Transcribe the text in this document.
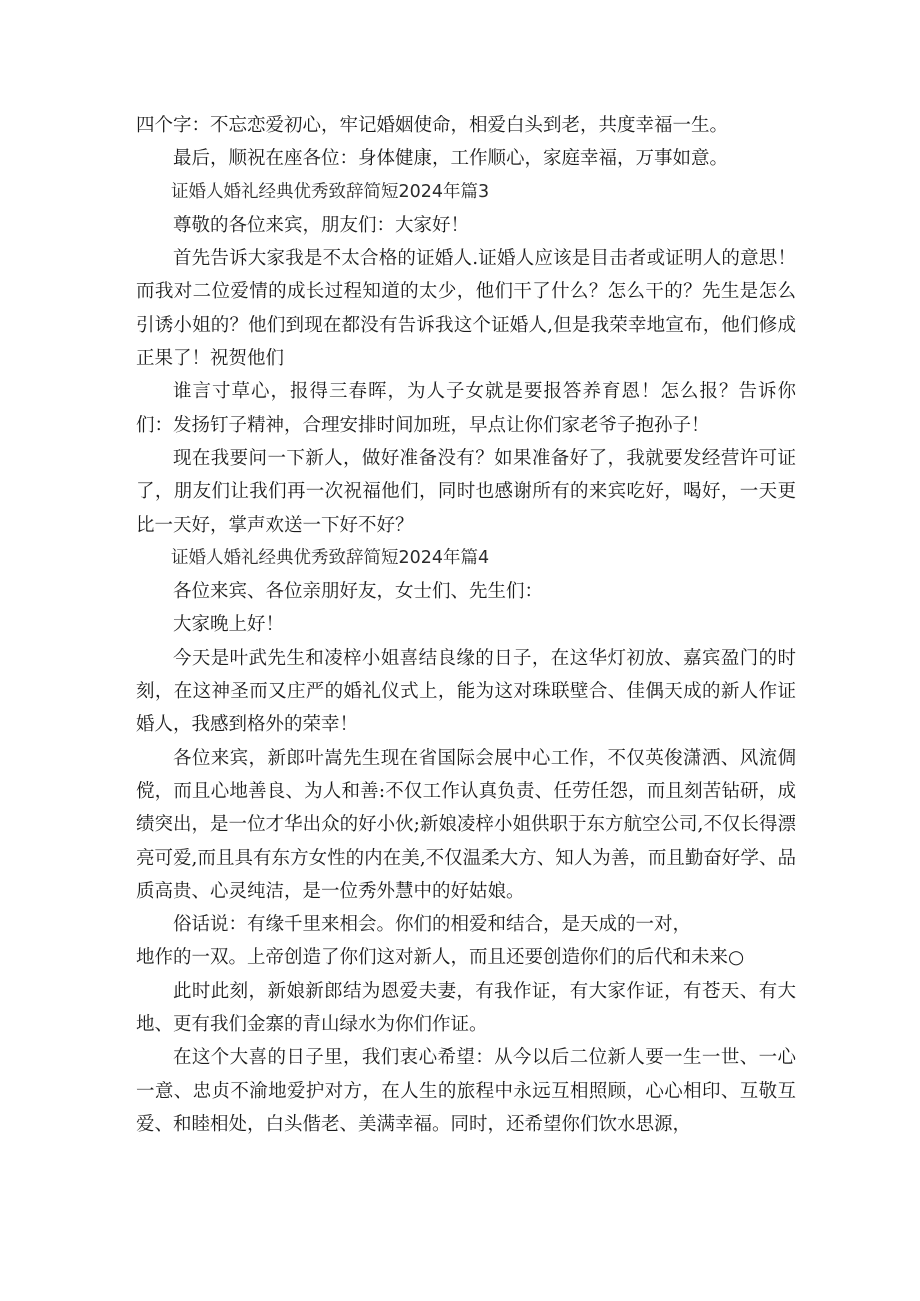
四个字：不忘恋爱初心，牢记婚姻使命，相爱白头到老，共度幸福一生。

最后，顺祝在座各位：身体健康，工作顺心，家庭幸福，万事如意。

证婚人婚礼经典优秀致辞简短2024年篇3

尊敬的各位来宾，朋友们：大家好！

首先告诉大家我是不太合格的证婚人.证婚人应该是目击者或证明人的意思！而我对二位爱情的成长过程知道的太少，他们干了什么？怎么干的？先生是怎么引诱小姐的？他们到现在都没有告诉我这个证婚人,但是我荣幸地宣布，他们修成正果了！祝贺他们

谁言寸草心，报得三春晖，为人子女就是要报答养育恩！怎么报？告诉你们：发扬钉子精神，合理安排时间加班，早点让你们家老爷子抱孙子！

现在我要问一下新人，做好准备没有？如果准备好了，我就要发经营许可证了，朋友们让我们再一次祝福他们，同时也感谢所有的来宾吃好，喝好，一天更比一天好，掌声欢送一下好不好？

证婚人婚礼经典优秀致辞简短2024年篇4

各位来宾、各位亲朋好友，女士们、先生们：

大家晚上好！

今天是叶武先生和凌梓小姐喜结良缘的日子，在这华灯初放、嘉宾盈门的时刻，在这神圣而又庄严的婚礼仪式上，能为这对珠联壁合、佳偶天成的新人作证婚人，我感到格外的荣幸！

各位来宾，新郎叶嵩先生现在省国际会展中心工作，不仅英俊潇洒、风流倜傥，而且心地善良、为人和善:不仅工作认真负责、任劳任怨，而且刻苦钻研，成绩突出，是一位才华出众的好小伙;新娘凌梓小姐供职于东方航空公司,不仅长得漂亮可爱,而且具有东方女性的内在美,不仅温柔大方、知人为善，而且勤奋好学、品质高贵、心灵纯洁，是一位秀外慧中的好姑娘。

俗话说：有缘千里来相会。你们的相爱和结合，是天成的一对，
地作的一双。上帝创造了你们这对新人，而且还要创造你们的后代和未来○

此时此刻，新娘新郎结为恩爱夫妻，有我作证，有大家作证，有苍天、有大地、更有我们金寨的青山绿水为你们作证。

在这个大喜的日子里，我们衷心希望：从今以后二位新人要一生一世、一心一意、忠贞不渝地爱护对方，在人生的旅程中永远互相照顾，心心相印、互敬互爱、和睦相处，白头偕老、美满幸福。同时，还希望你们饮水思源，
